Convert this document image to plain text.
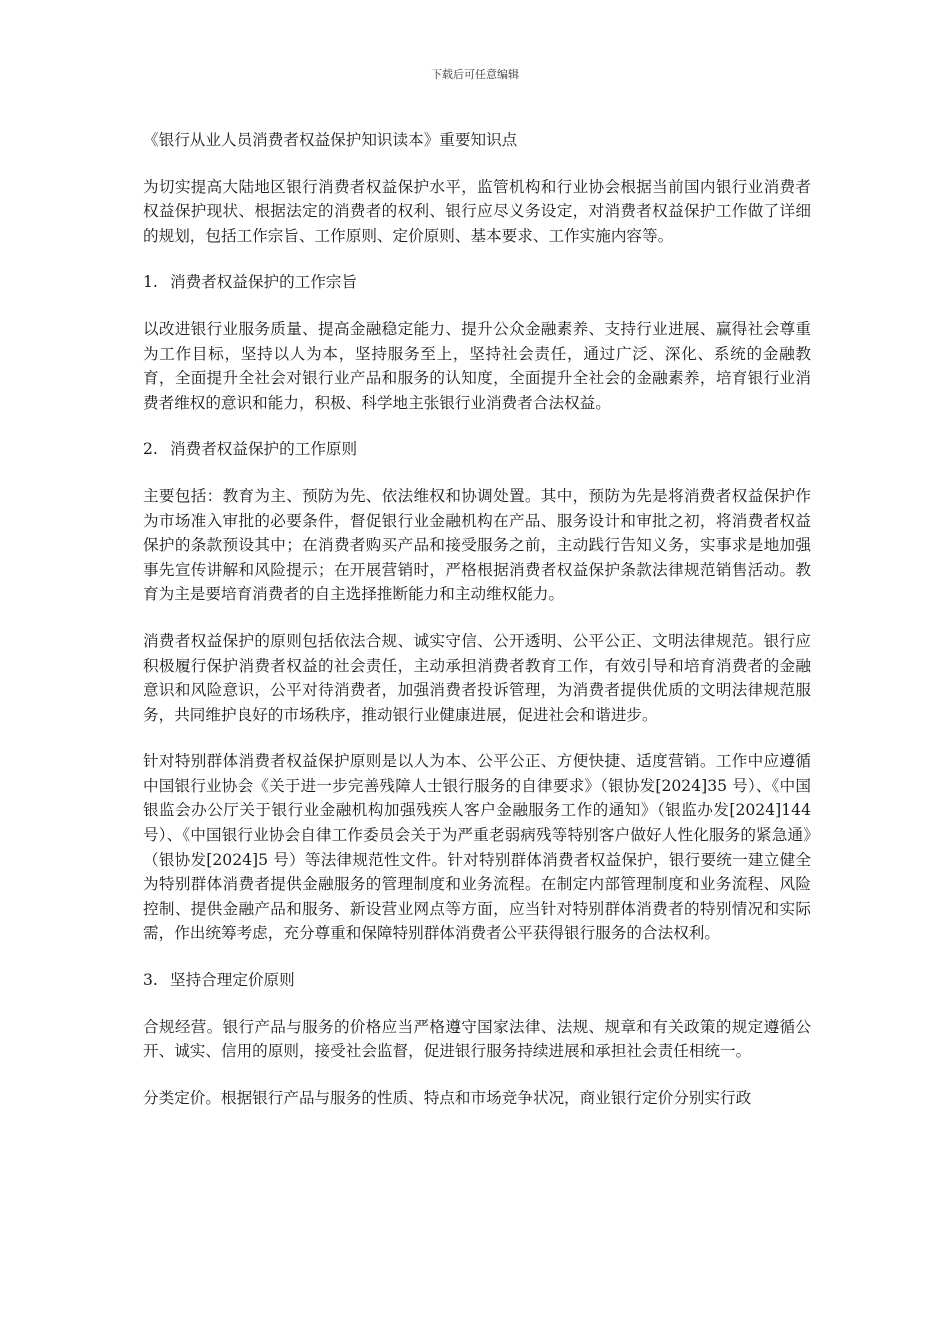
下载后可任意编辑

《银行从业人员消费者权益保护知识读本》重要知识点

为切实提高大陆地区银行消费者权益保护水平，监管机构和行业协会根据当前国内银行业消费者权益保护现状、根据法定的消费者的权利、银行应尽义务设定，对消费者权益保护工作做了详细的规划，包括工作宗旨、工作原则、定价原则、基本要求、工作实施内容等。

1. 消费者权益保护的工作宗旨

以改进银行业服务质量、提高金融稳定能力、提升公众金融素养、支持行业进展、赢得社会尊重为工作目标，坚持以人为本，坚持服务至上，坚持社会责任，通过广泛、深化、系统的金融教育，全面提升全社会对银行业产品和服务的认知度，全面提升全社会的金融素养，培育银行业消费者维权的意识和能力，积极、科学地主张银行业消费者合法权益。

2. 消费者权益保护的工作原则

主要包括：教育为主、预防为先、依法维权和协调处置。其中，预防为先是将消费者权益保护作为市场准入审批的必要条件，督促银行业金融机构在产品、服务设计和审批之初，将消费者权益保护的条款预设其中；在消费者购买产品和接受服务之前，主动践行告知义务，实事求是地加强事先宣传讲解和风险提示；在开展营销时，严格根据消费者权益保护条款法律规范销售活动。教育为主是要培育消费者的自主选择推断能力和主动维权能力。

消费者权益保护的原则包括依法合规、诚实守信、公开透明、公平公正、文明法律规范。银行应积极履行保护消费者权益的社会责任，主动承担消费者教育工作，有效引导和培育消费者的金融意识和风险意识，公平对待消费者，加强消费者投诉管理，为消费者提供优质的文明法律规范服务，共同维护良好的市场秩序，推动银行业健康进展，促进社会和谐进步。

针对特别群体消费者权益保护原则是以人为本、公平公正、方便快捷、适度营销。工作中应遵循中国银行业协会《关于进一步完善残障人士银行服务的自律要求》（银协发[2024]35 号）、《中国银监会办公厅关于银行业金融机构加强残疾人客户金融服务工作的通知》（银监办发[2024]144 号）、《中国银行业协会自律工作委员会关于为严重老弱病残等特别客户做好人性化服务的紧急通》（银协发[2024]5 号）等法律规范性文件。针对特别群体消费者权益保护，银行要统一建立健全为特别群体消费者提供金融服务的管理制度和业务流程。在制定内部管理制度和业务流程、风险控制、提供金融产品和服务、新设营业网点等方面，应当针对特别群体消费者的特别情况和实际需，作出统筹考虑，充分尊重和保障特别群体消费者公平获得银行服务的合法权利。

3. 坚持合理定价原则

合规经营。银行产品与服务的价格应当严格遵守国家法律、法规、规章和有关政策的规定遵循公开、诚实、信用的原则，接受社会监督，促进银行服务持续进展和承担社会责任相统一。

分类定价。根据银行产品与服务的性质、特点和市场竞争状况，商业银行定价分别实行政
